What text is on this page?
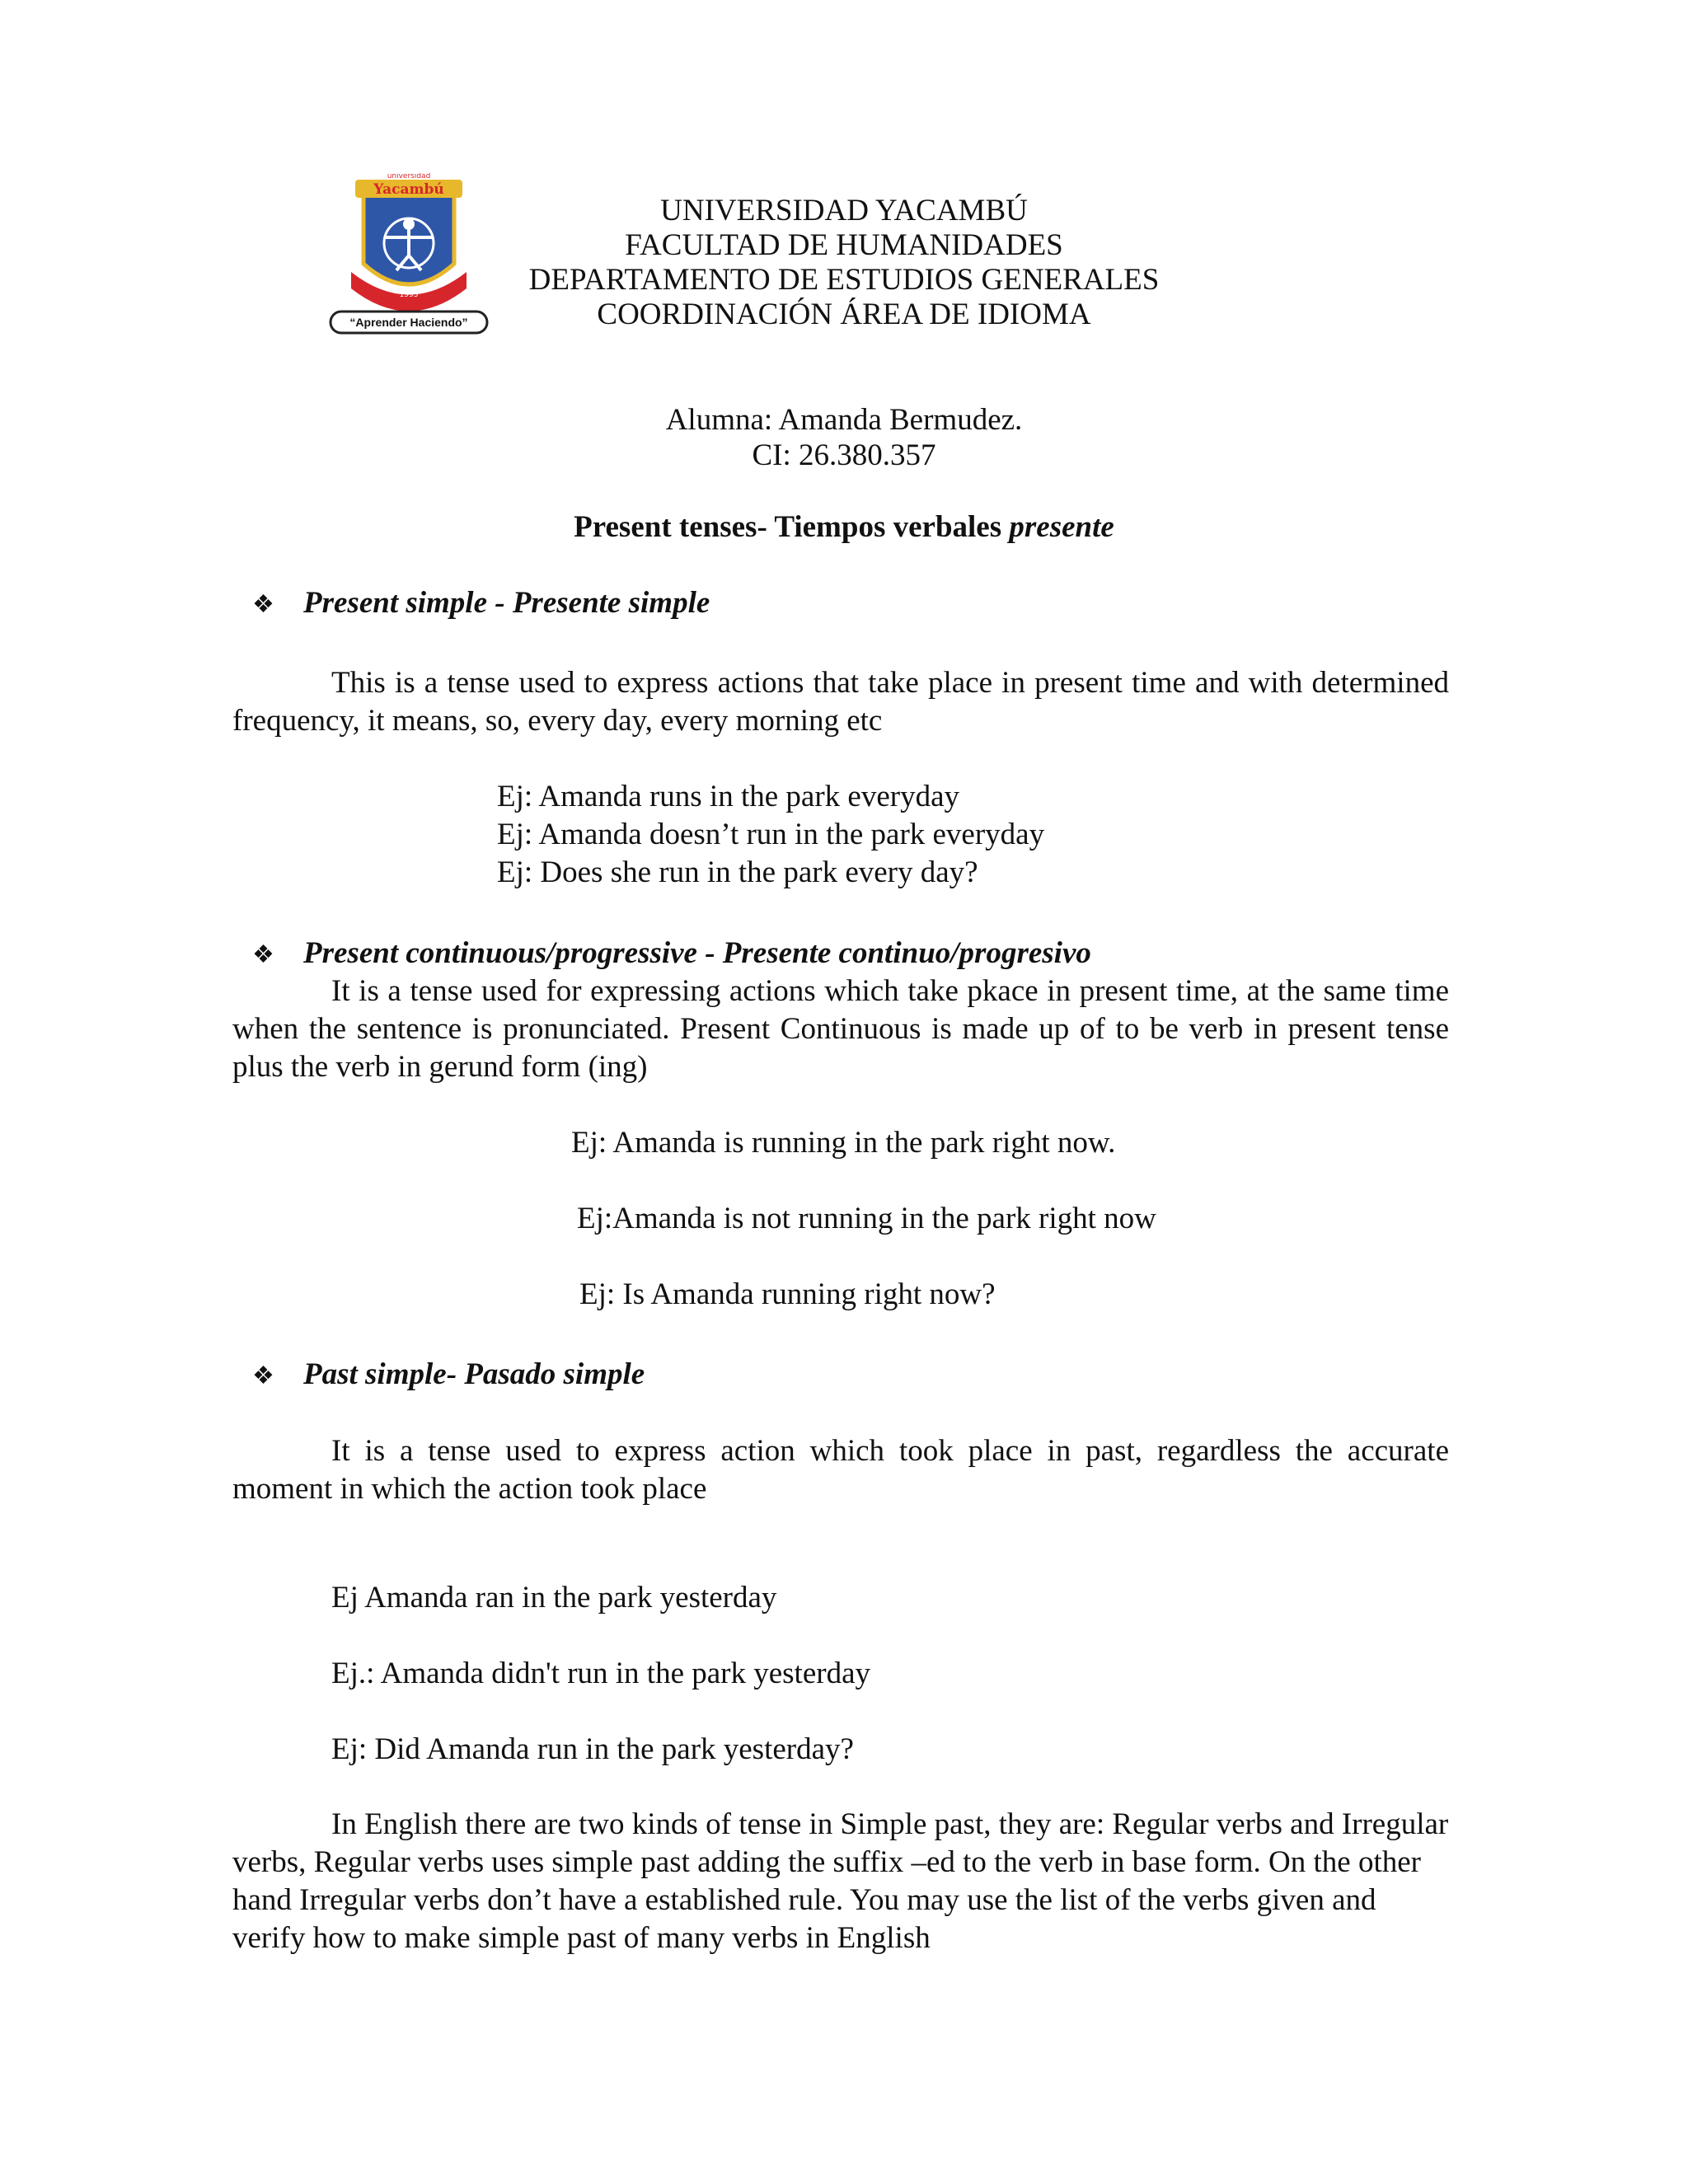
universidad
Yacambú
1995
“Aprender Haciendo”
UNIVERSIDAD YACAMBÚ
FACULTAD DE HUMANIDADES
DEPARTAMENTO DE ESTUDIOS GENERALES
COORDINACIÓN ÁREA DE IDIOMA
Alumna: Amanda Bermudez.
CI: 26.380.357
Present tenses- Tiempos verbales presente
❖ Present simple - Presente simple
This is a tense used to express actions that take place in present time and with determined frequency, it means, so, every day, every morning etc
Ej: Amanda runs in the park everyday
Ej: Amanda doesn’t run in the park everyday
Ej: Does she run in the park every day?
❖ Present continuous/progressive - Presente continuo/progresivo
It is a tense used for expressing actions which take pkace in present time, at the same time when the sentence is pronunciated. Present Continuous is made up of to be verb in present tense plus the verb in gerund form (ing)
Ej: Amanda is running in the park right now.
Ej:Amanda is not running in the park right now
Ej: Is Amanda running right now?
❖ Past simple- Pasado simple
It is a tense used to express action which took place in past, regardless the accurate moment in which the action took place
Ej Amanda ran in the park yesterday
Ej.: Amanda didn't run in the park yesterday
Ej: Did Amanda run in the park yesterday?
In English there are two kinds of tense in Simple past, they are: Regular verbs and Irregular verbs, Regular verbs uses simple past adding the suffix –ed to the verb in base form. On the other hand Irregular verbs don’t have a established rule. You may use the list of the verbs given and verify how to make simple past of many verbs in English
